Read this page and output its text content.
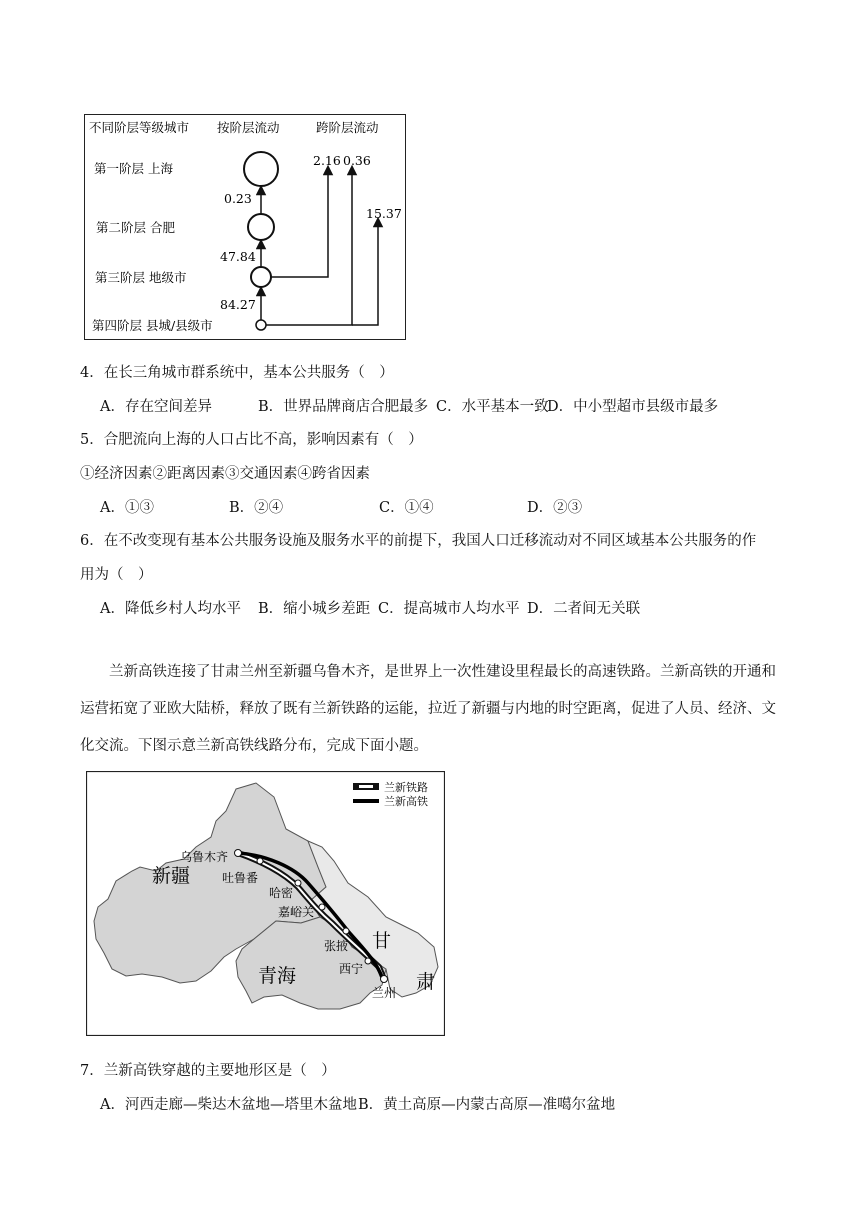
不同阶层等级城市 按阶层流动	跨阶层流动
第一阶层 上海
第二阶层 合肥
第三阶层 地级市
第四阶层 县城/县级市
0.23
47.84
84.27
2.16 0.36
15.37
4．在长三角城市群系统中，基本公共服务（　）
A．存在空间差异	B．世界品牌商店合肥最多 C．水平基本一致
D．中小型超市县级市最多
5．合肥流向上海的人口占比不高，影响因素有（　）
①经济因素②距离因素③交通因素④跨省因素
A．①③	B．②④	C．①④	D．②③
6．在不改变现有基本公共服务设施及服务水平的前提下，我国人口迁移流动对不同区域基本公共服务的作
用为（　）
A．降低乡村人均水平 B．缩小城乡差距 C．提高城市人均水平 D．二者间无关联
兰新高铁连接了甘肃兰州至新疆乌鲁木齐，是世界上一次性建设里程最长的高速铁路。兰新高铁的开通和运营拓宽了亚欧大陆桥，释放了既有兰新铁路的运能，拉近了新疆与内地的时空距离，促进了人员、经济、文化交流。下图示意兰新高铁线路分布，完成下面小题。
新疆
青海
甘
肃
乌鲁木齐
吐鲁番
哈密
嘉峪关
张掖
西宁
兰州
兰新铁路
兰新高铁
7．兰新高铁穿越的主要地形区是（　）
A．河西走廊—柴达木盆地—塔里木盆地 B．黄土高原—内蒙古高原—准噶尔盆地
